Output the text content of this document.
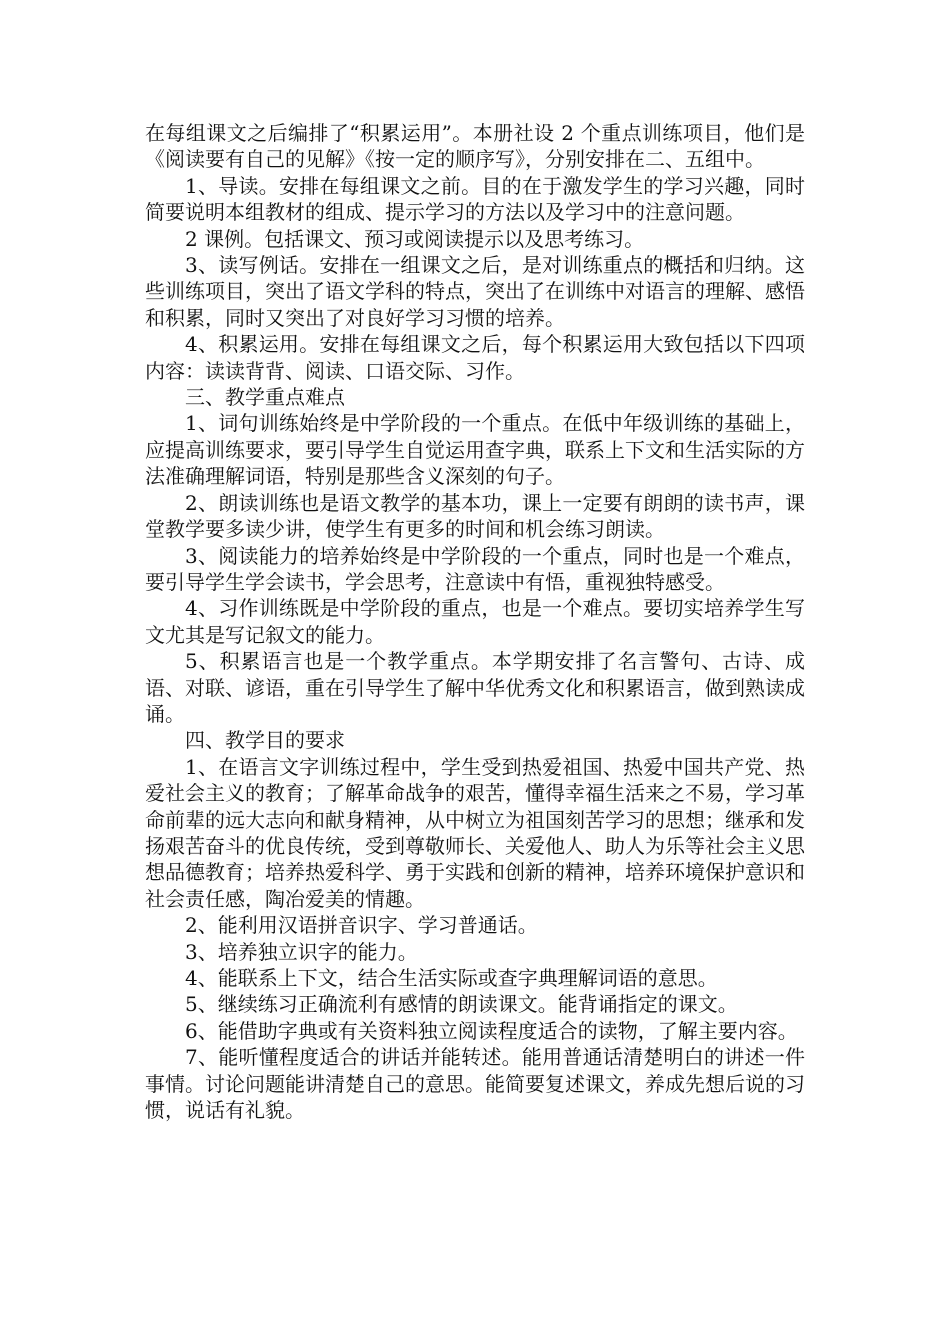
在每组课文之后编排了“积累运用”。本册社设 2 个重点训练项目，他们是《阅读要有自己的见解》《按一定的顺序写》，分别安排在二、五组中。

1、导读。安排在每组课文之前。目的在于激发学生的学习兴趣，同时简要说明本组教材的组成、提示学习的方法以及学习中的注意问题。

2 课例。包括课文、预习或阅读提示以及思考练习。

3、读写例话。安排在一组课文之后，是对训练重点的概括和归纳。这些训练项目，突出了语文学科的特点，突出了在训练中对语言的理解、感悟和积累，同时又突出了对良好学习习惯的培养。

4、积累运用。安排在每组课文之后，每个积累运用大致包括以下四项内容：读读背背、阅读、口语交际、习作。

三、教学重点难点

1、词句训练始终是中学阶段的一个重点。在低中年级训练的基础上，应提高训练要求，要引导学生自觉运用查字典，联系上下文和生活实际的方法准确理解词语，特别是那些含义深刻的句子。

2、朗读训练也是语文教学的基本功，课上一定要有朗朗的读书声，课堂教学要多读少讲，使学生有更多的时间和机会练习朗读。

3、阅读能力的培养始终是中学阶段的一个重点，同时也是一个难点，要引导学生学会读书，学会思考，注意读中有悟，重视独特感受。

4、习作训练既是中学阶段的重点，也是一个难点。要切实培养学生写文尤其是写记叙文的能力。

5、积累语言也是一个教学重点。本学期安排了名言警句、古诗、成语、对联、谚语，重在引导学生了解中华优秀文化和积累语言，做到熟读成诵。

四、教学目的要求

1、在语言文字训练过程中，学生受到热爱祖国、热爱中国共产党、热爱社会主义的教育；了解革命战争的艰苦，懂得幸福生活来之不易，学习革命前辈的远大志向和献身精神，从中树立为祖国刻苦学习的思想；继承和发扬艰苦奋斗的优良传统，受到尊敬师长、关爱他人、助人为乐等社会主义思想品德教育；培养热爱科学、勇于实践和创新的精神，培养环境保护意识和社会责任感，陶冶爱美的情趣。

2、能利用汉语拼音识字、学习普通话。

3、培养独立识字的能力。

4、能联系上下文，结合生活实际或查字典理解词语的意思。

5、继续练习正确流利有感情的朗读课文。能背诵指定的课文。

6、能借助字典或有关资料独立阅读程度适合的读物，了解主要内容。

7、能听懂程度适合的讲话并能转述。能用普通话清楚明白的讲述一件事情。讨论问题能讲清楚自己的意思。能简要复述课文，养成先想后说的习惯，说话有礼貌。
